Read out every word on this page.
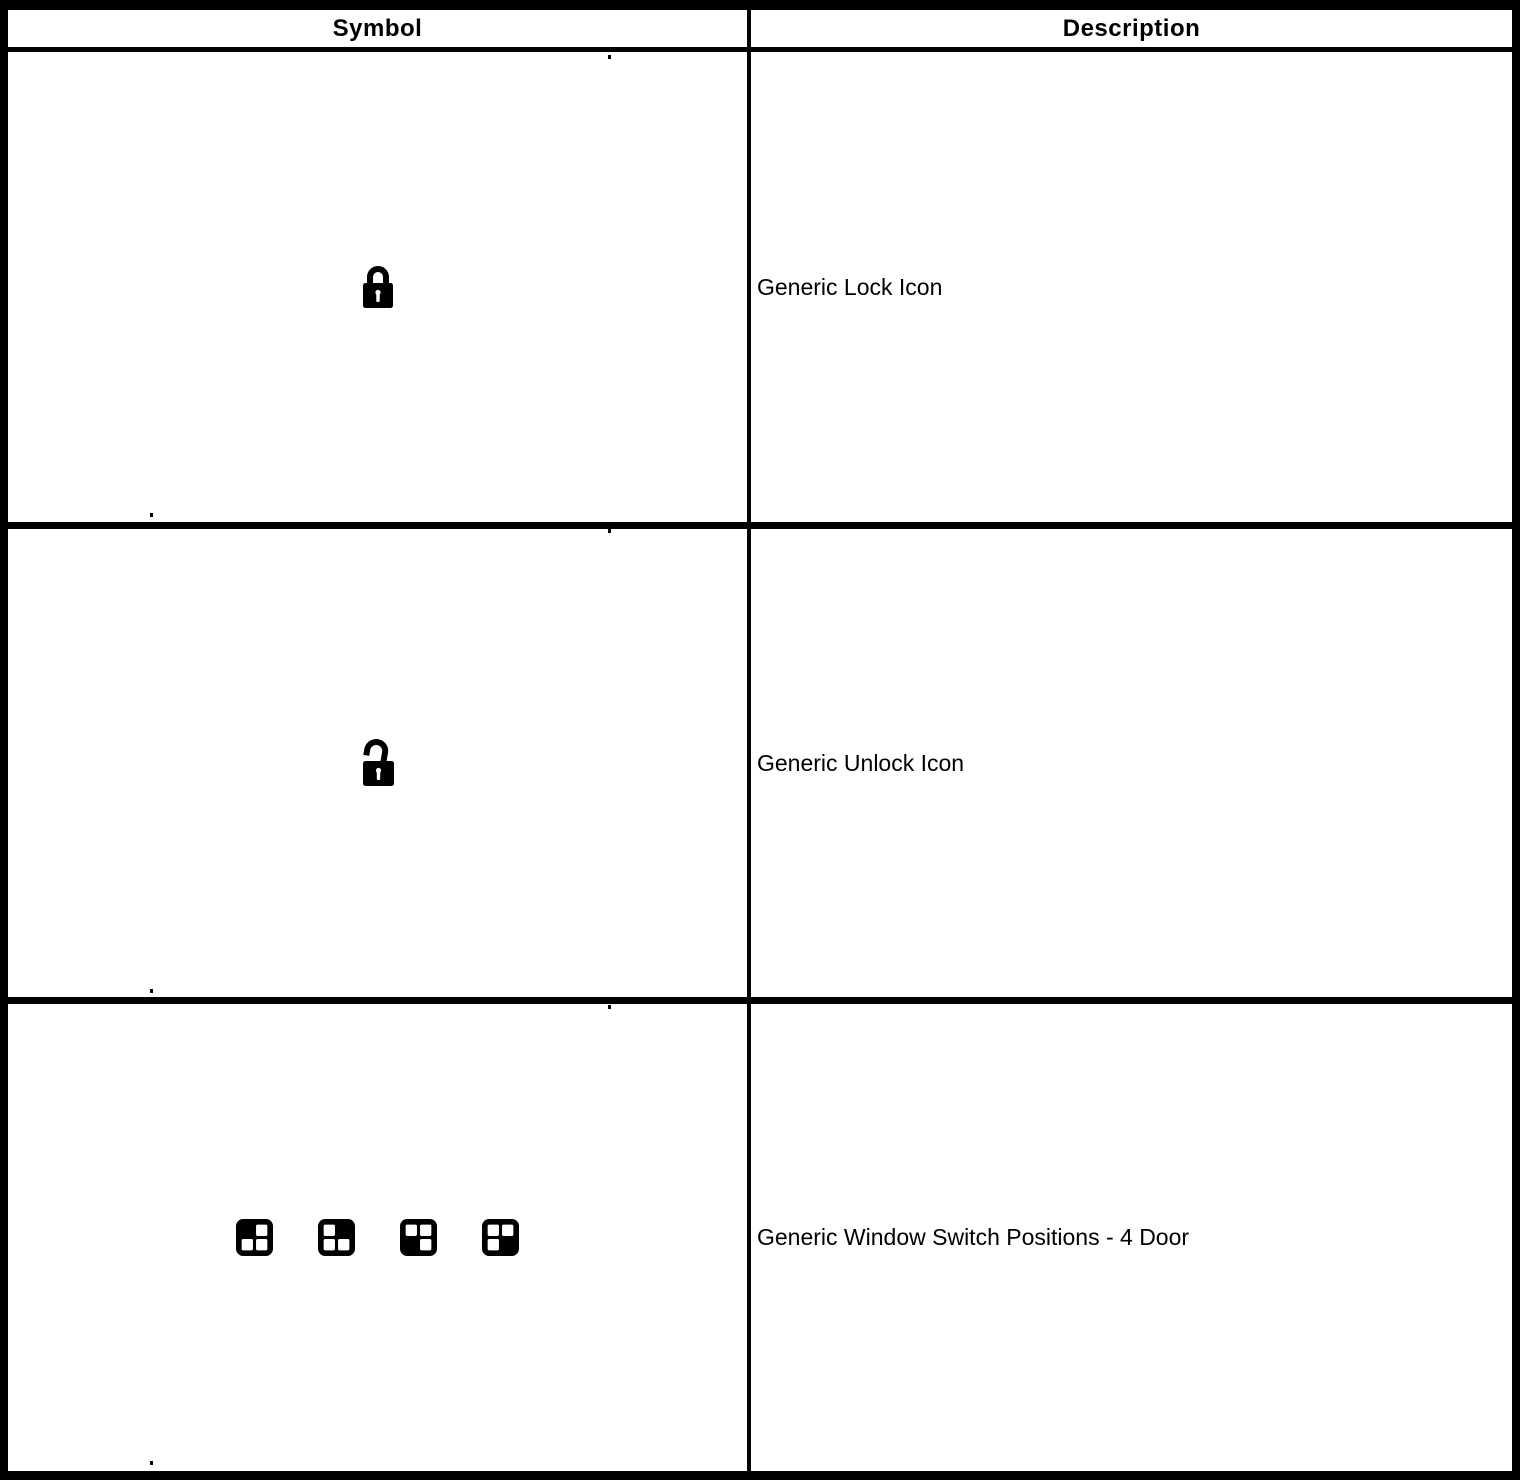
Symbol	Description
Generic Lock Icon
Generic Unlock Icon
Generic Window Switch Positions - 4 Door
